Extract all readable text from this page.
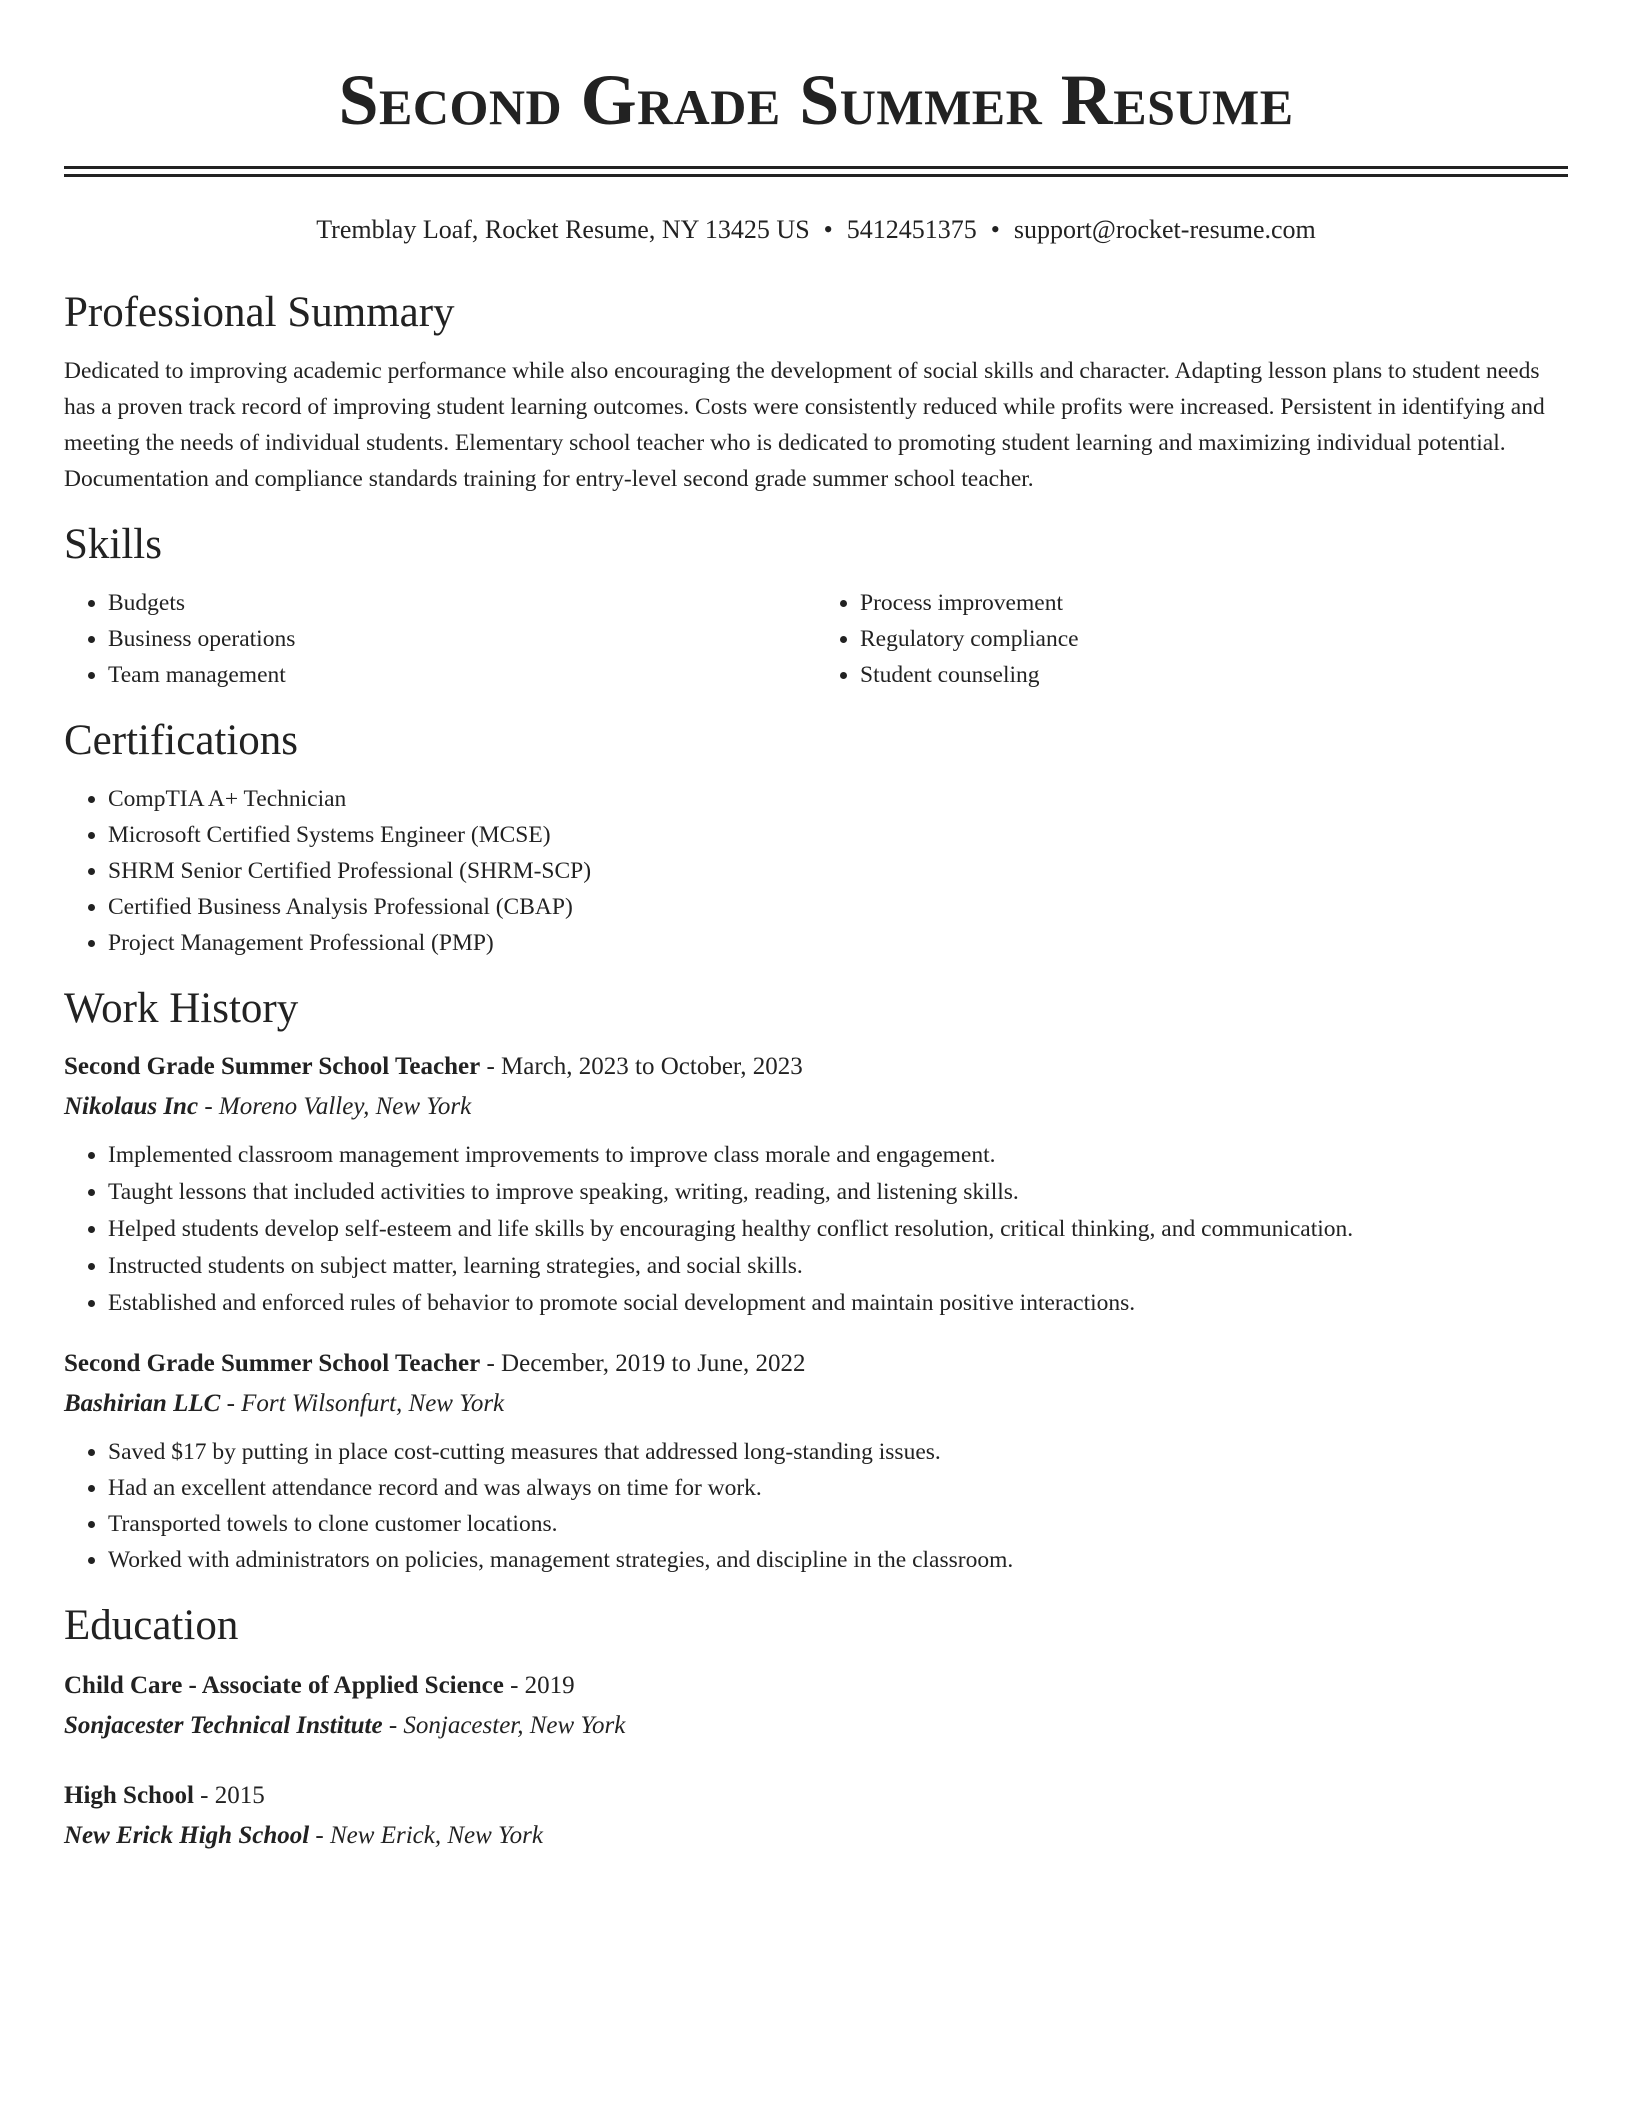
Second Grade Summer Resume
Tremblay Loaf, Rocket Resume, NY 13425 US • 5412451375 • support@rocket-resume.com
Professional Summary
Dedicated to improving academic performance while also encouraging the development of social skills and character. Adapting lesson plans to student needs has a proven track record of improving student learning outcomes. Costs were consistently reduced while profits were increased. Persistent in identifying and meeting the needs of individual students. Elementary school teacher who is dedicated to promoting student learning and maximizing individual potential. Documentation and compliance standards training for entry-level second grade summer school teacher.
Skills
• Budgets
• Business operations
• Team management
• Process improvement
• Regulatory compliance
• Student counseling
Certifications
• CompTIA A+ Technician
• Microsoft Certified Systems Engineer (MCSE)
• SHRM Senior Certified Professional (SHRM-SCP)
• Certified Business Analysis Professional (CBAP)
• Project Management Professional (PMP)
Work History
Second Grade Summer School Teacher - March, 2023 to October, 2023
Nikolaus Inc - Moreno Valley, New York
• Implemented classroom management improvements to improve class morale and engagement.
• Taught lessons that included activities to improve speaking, writing, reading, and listening skills.
• Helped students develop self-esteem and life skills by encouraging healthy conflict resolution, critical thinking, and communication.
• Instructed students on subject matter, learning strategies, and social skills.
• Established and enforced rules of behavior to promote social development and maintain positive interactions.
Second Grade Summer School Teacher - December, 2019 to June, 2022
Bashirian LLC - Fort Wilsonfurt, New York
• Saved $17 by putting in place cost-cutting measures that addressed long-standing issues.
• Had an excellent attendance record and was always on time for work.
• Transported towels to clone customer locations.
• Worked with administrators on policies, management strategies, and discipline in the classroom.
Education
Child Care - Associate of Applied Science - 2019
Sonjacester Technical Institute - Sonjacester, New York
High School - 2015
New Erick High School - New Erick, New York
